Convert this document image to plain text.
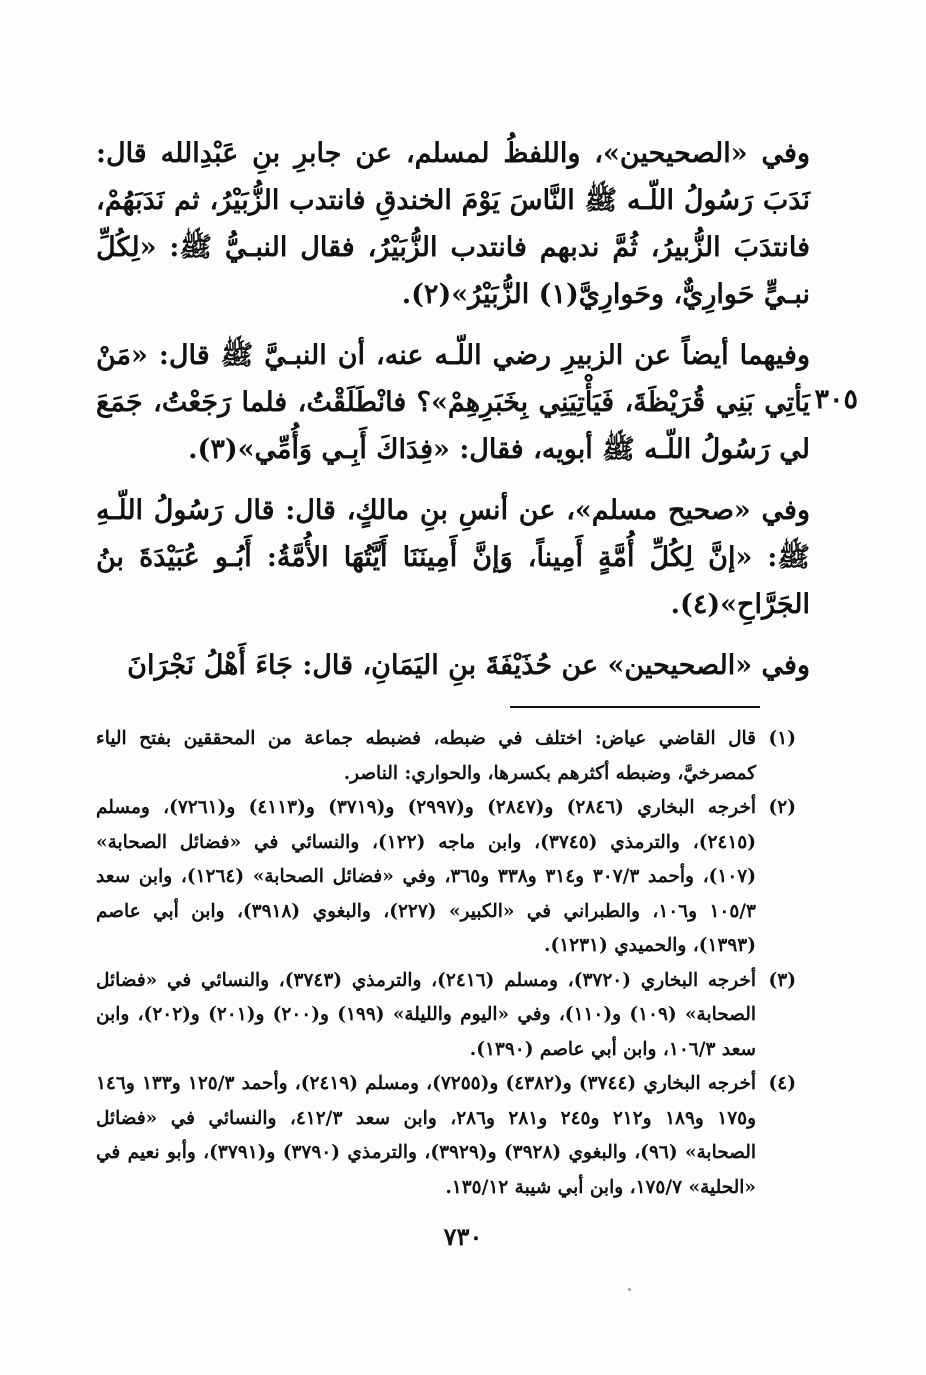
وفي «الصحيحين»، واللفظُ لمسلم، عن جابرِ بنِ عَبْدِالله قال: نَدَبَ رَسُولُ اللّـه ﷺ النَّاسَ يَوْمَ الخندقِ فانتدب الزُّبَيْرُ، ثم نَدَبَهُمْ، فانتدَبَ الزُّبيرُ، ثُمَّ ندبهم فانتدب الزُّبَيْرُ، فقال النبـيُّ ﷺ: «لِكُلِّ نبـيٍّ حَوارِيٌّ، وحَوارِيَّ(١) الزُّبَيْرُ»(٢).

وفيهما أيضاً عن الزبيرِ رضي اللّـه عنه، أن النبـيَّ ﷺ قال: «مَنْ يَأتِي بَنِي قُرَيْظَةَ، فَيَأْتِيَنِي بِخَبَرِهِمْ»؟ فانْطَلَقْتُ، فلما رَجَعْتُ، جَمَعَ لي رَسُولُ اللّـه ﷺ أبويه، فقال: «فِدَاكَ أَبِـي وَأُمِّي»(٣).

وفي «صحيح مسلم»، عن أنسِ بنِ مالكٍ، قال: قال رَسُولُ اللّـهِ ﷺ: «إنَّ لِكُلِّ أُمَّةٍ أَمِيناً، وَإنَّ أَمِينَنَا أَيَّتُهَا الأُمَّةُ: أَبُـو عُبَيْدَةَ بنُ الجَرَّاحِ»(٤).

وفي «الصحيحين» عن حُذَيْفَةَ بنِ اليَمَانِ، قال: جَاءَ أَهْلُ نَجْرَانَ

٣٠٥
(١)
قال القاضي عياض: اختلف في ضبطه، فضبطه جماعة من المحققين بفتح الياء كمصرخيَّ، وضبطه أكثرهم بكسرها، والحواري: الناصر.
(٢)
أخرجه البخاري (٢٨٤٦) و(٢٨٤٧) و(٢٩٩٧) و(٣٧١٩) و(٤١١٣) و(٧٢٦١)، ومسلم (٢٤١٥)، والترمذي (٣٧٤٥)، وابن ماجه (١٢٢)، والنسائي في «فضائل الصحابة» (١٠٧)، وأحمد ٣٠٧/٣ و٣١٤ و٣٣٨ و٣٦٥، وفي «فضائل الصحابة» (١٢٦٤)، وابن سعد ١٠٥/٣ و١٠٦، والطبراني في «الكبير» (٢٢٧)، والبغوي (٣٩١٨)، وابن أبي عاصم (١٣٩٣)، والحميدي (١٢٣١).
(٣)
أخرجه البخاري (٣٧٢٠)، ومسلم (٢٤١٦)، والترمذي (٣٧٤٣)، والنسائي في «فضائل الصحابة» (١٠٩) و(١١٠)، وفي «اليوم والليلة» (١٩٩) و(٢٠٠) و(٢٠١) و(٢٠٢)، وابن سعد ١٠٦/٣، وابن أبي عاصم (١٣٩٠).
(٤)
أخرجه البخاري (٣٧٤٤) و(٤٣٨٢) و(٧٢٥٥)، ومسلم (٢٤١٩)، وأحمد ١٢٥/٣ و١٣٣ و١٤٦ و١٧٥ و١٨٩ و٢١٢ و٢٤٥ و٢٨١ و٢٨٦، وابن سعد ٤١٢/٣، والنسائي في «فضائل الصحابة» (٩٦)، والبغوي (٣٩٢٨) و(٣٩٢٩)، والترمذي (٣٧٩٠) و(٣٧٩١)، وأبو نعيم في «الحلية» ١٧٥/٧، وابن أبي شيبة ١٣٥/١٢.
٧٣٠
